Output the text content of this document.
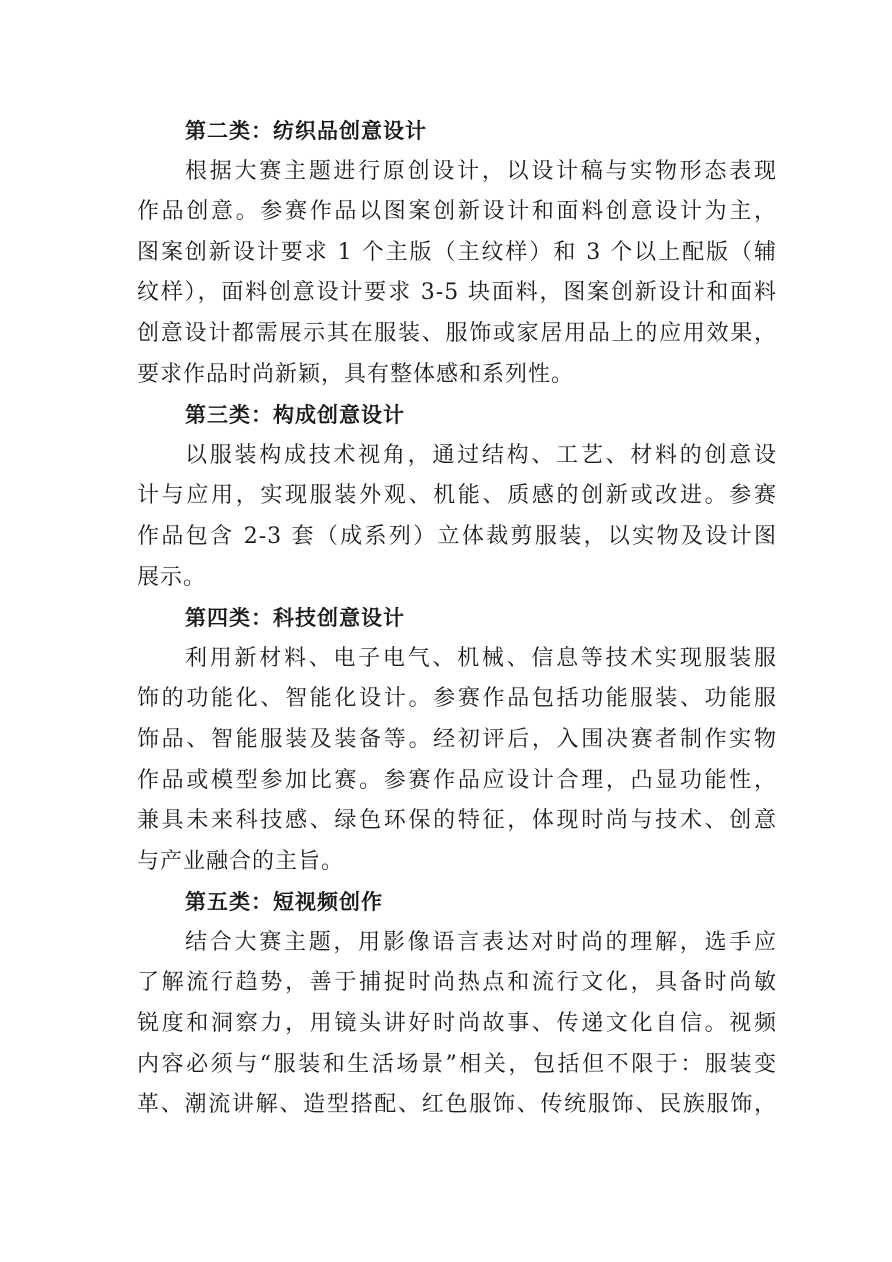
第二类：纺织品创意设计

根据大赛主题进行原创设计，以设计稿与实物形态表现
作品创意。参赛作品以图案创新设计和面料创意设计为主，
图案创新设计要求 1 个主版（主纹样）和 3 个以上配版（辅
纹样），面料创意设计要求 3-5 块面料，图案创新设计和面料
创意设计都需展示其在服装、服饰或家居用品上的应用效果，
要求作品时尚新颖，具有整体感和系列性。

第三类：构成创意设计

以服装构成技术视角，通过结构、工艺、材料的创意设
计与应用，实现服装外观、机能、质感的创新或改进。参赛
作品包含 2-3 套（成系列）立体裁剪服装，以实物及设计图
展示。

第四类：科技创意设计

利用新材料、电子电气、机械、信息等技术实现服装服
饰的功能化、智能化设计。参赛作品包括功能服装、功能服
饰品、智能服装及装备等。经初评后，入围决赛者制作实物
作品或模型参加比赛。参赛作品应设计合理，凸显功能性，
兼具未来科技感、绿色环保的特征，体现时尚与技术、创意
与产业融合的主旨。

第五类：短视频创作

结合大赛主题，用影像语言表达对时尚的理解，选手应
了解流行趋势，善于捕捉时尚热点和流行文化，具备时尚敏
锐度和洞察力，用镜头讲好时尚故事、传递文化自信。视频
内容必须与“服装和生活场景”相关，包括但不限于：服装变
革、潮流讲解、造型搭配、红色服饰、传统服饰、民族服饰，
